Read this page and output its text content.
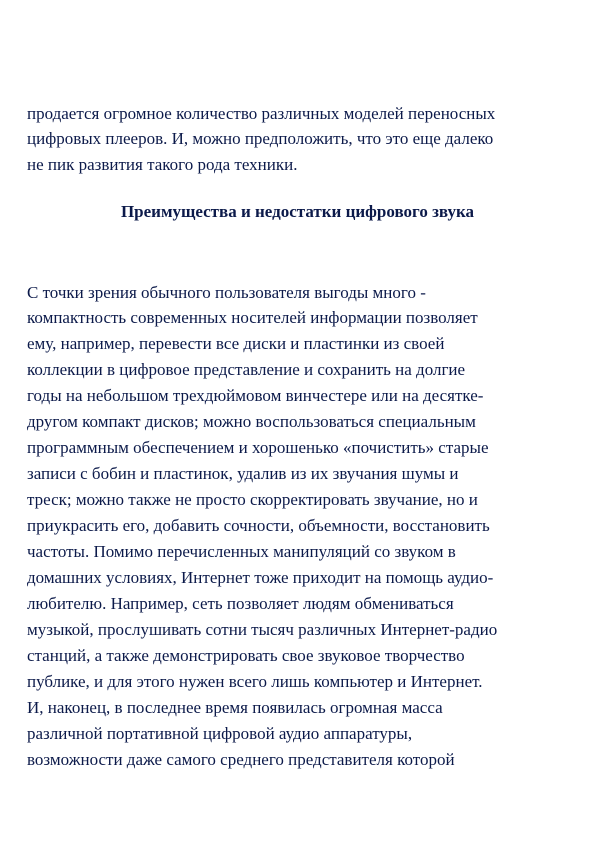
продается огромное количество различных моделей переносных
цифровых плееров. И, можно предположить, что это еще далеко
не пик развития такого рода техники.
Преимущества и недостатки цифрового звука
С точки зрения обычного пользователя выгоды много -
компактность современных носителей информации позволяет
ему, например, перевести все диски и пластинки из своей
коллекции в цифровое представление и сохранить на долгие
годы на небольшом трехдюймовом винчестере или на десятке-
другом компакт дисков; можно воспользоваться специальным
программным обеспечением и хорошенько «почистить» старые
записи с бобин и пластинок, удалив из их звучания шумы и
треск; можно также не просто скорректировать звучание, но и
приукрасить его, добавить сочности, объемности, восстановить
частоты. Помимо перечисленных манипуляций со звуком в
домашних условиях, Интернет тоже приходит на помощь аудио-
любителю. Например, сеть позволяет людям обмениваться
музыкой, прослушивать сотни тысяч различных Интернет-радио
станций, а также демонстрировать свое звуковое творчество
публике, и для этого нужен всего лишь компьютер и Интернет.
И, наконец, в последнее время появилась огромная масса
различной портативной цифровой аудио аппаратуры,
возможности даже самого среднего представителя которой
